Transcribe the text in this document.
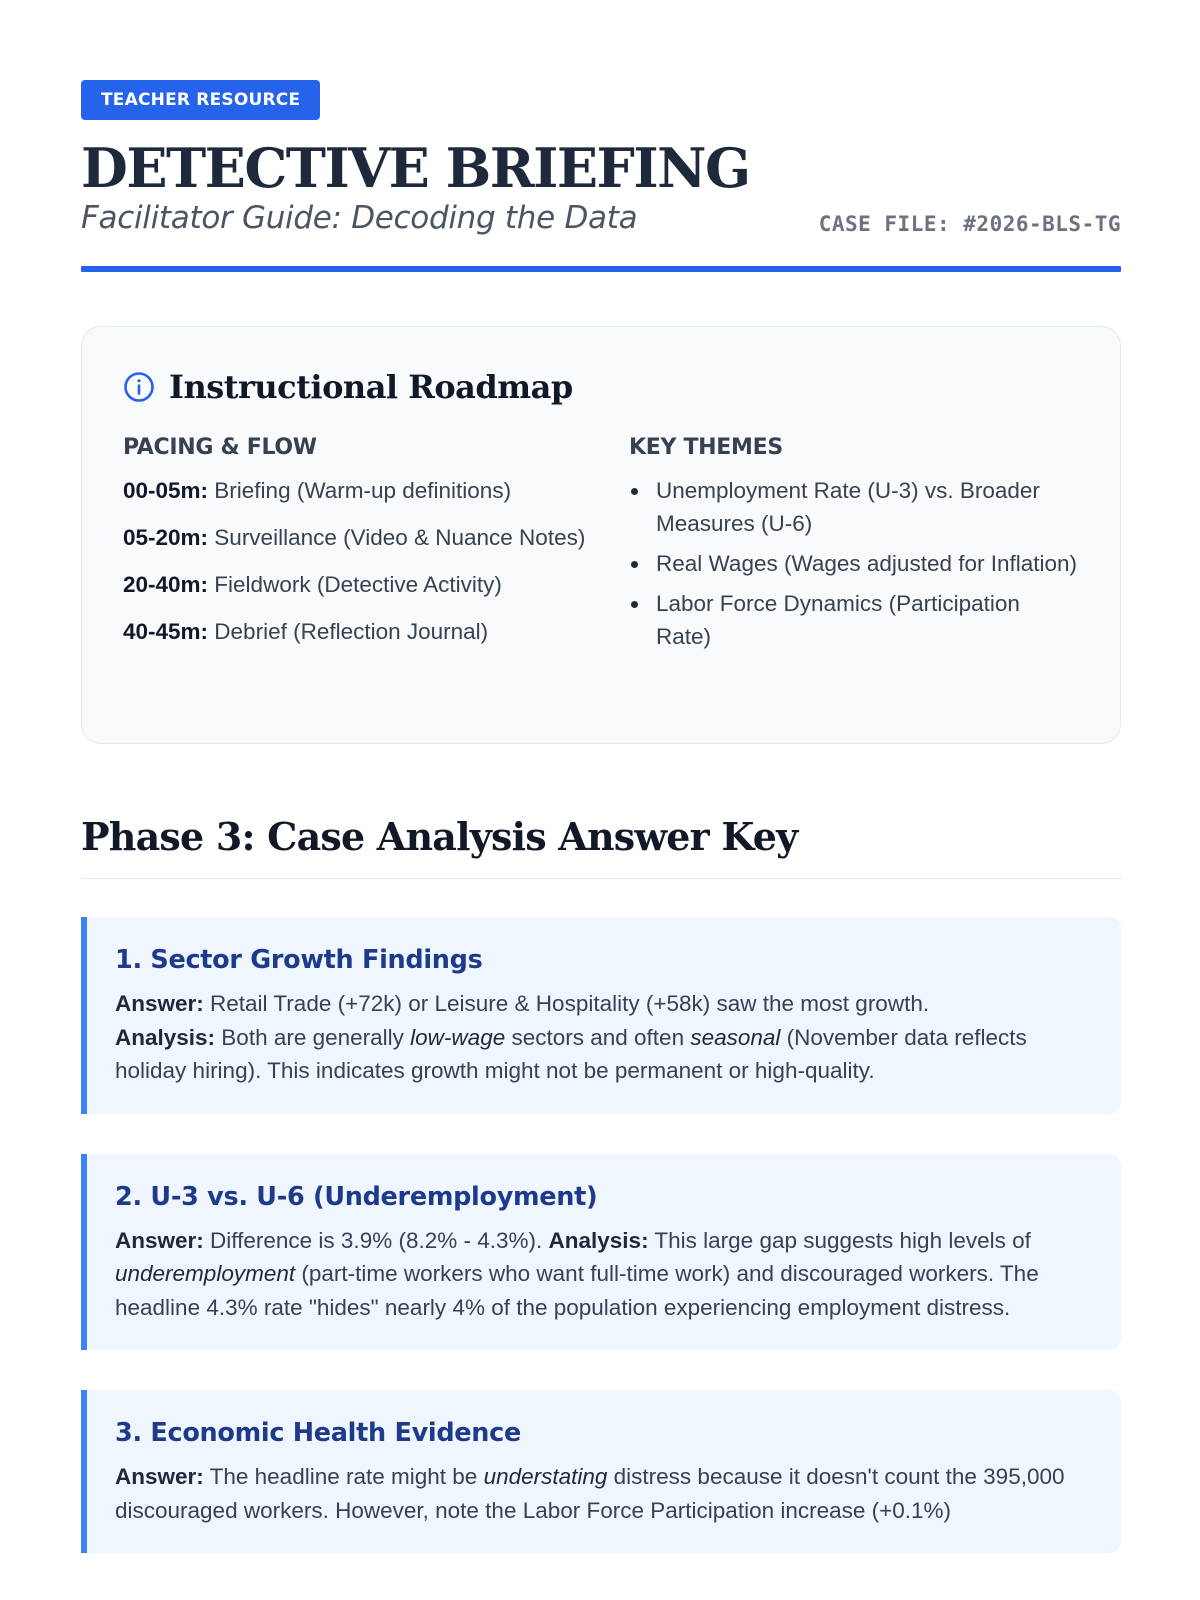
TEACHER RESOURCE
DETECTIVE BRIEFING
Facilitator Guide: Decoding the Data	CASE FILE: #2026-BLS-TG
Instructional Roadmap
PACING & FLOW
00-05m: Briefing (Warm-up definitions)
05-20m: Surveillance (Video & Nuance Notes)
20-40m: Fieldwork (Detective Activity)
40-45m: Debrief (Reflection Journal)
KEY THEMES
Unemployment Rate (U-3) vs. Broader Measures (U-6)
Real Wages (Wages adjusted for Inflation)
Labor Force Dynamics (Participation Rate)
Phase 3: Case Analysis Answer Key
1. Sector Growth Findings
Answer: Retail Trade (+72k) or Leisure & Hospitality (+58k) saw the most growth.
Analysis: Both are generally low-wage sectors and often seasonal (November data reflects holiday hiring). This indicates growth might not be permanent or high-quality.
2. U-3 vs. U-6 (Underemployment)
Answer: Difference is 3.9% (8.2% - 4.3%). Analysis: This large gap suggests high levels of underemployment (part-time workers who want full-time work) and discouraged workers. The headline 4.3% rate "hides" nearly 4% of the population experiencing employment distress.
3. Economic Health Evidence
Answer: The headline rate might be understating distress because it doesn't count the 395,000 discouraged workers. However, note the Labor Force Participation increase (+0.1%)
